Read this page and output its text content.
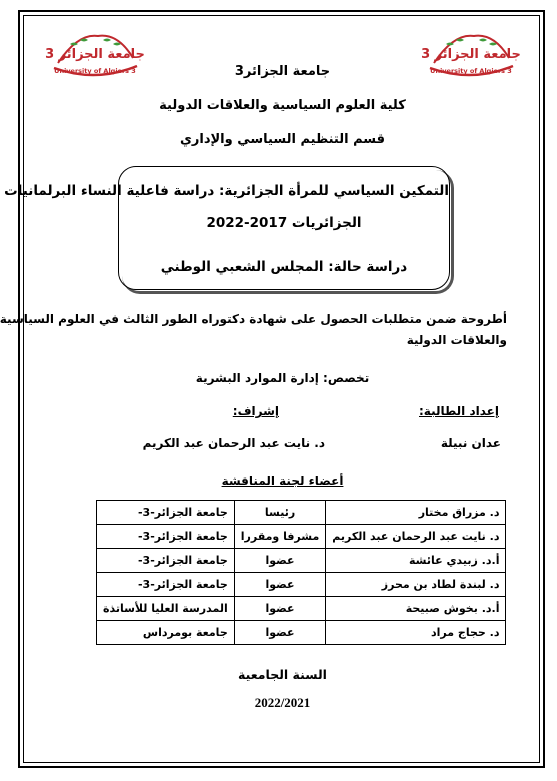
جامعة الجزائر 3
University of Algiers 3
جامعة الجزائر 3
University of Algiers 3
جامعة الجزائر3
كلية العلوم السياسية والعلاقات الدولية
قسم التنظيم السياسي والإداري
التمكين السياسي للمرأة الجزائرية: دراسة فاعلية النساء البرلمانيات
الجزائريات 2017-2022
دراسة حالة: المجلس الشعبي الوطني
أطروحة ضمن متطلبات الحصول على شهادة دكتوراه الطور الثالث في العلوم السياسية
والعلاقات الدولية
تخصص: إدارة الموارد البشرية
إعداد الطالبة:
إشراف:
عدان نبيلة
د. نايت عبد الرحمان عبد الكريم
أعضاء لجنة المناقشة
د. مزراق مختار	رئيسا	جامعة الجزائر-3-
د. نايت عبد الرحمان عبد الكريم	مشرفا ومقررا	جامعة الجزائر-3-
أ.د. زبيدي عائشة	عضوا	جامعة الجزائر-3-
د. لبندة لطاد بن محرز	عضوا	جامعة الجزائر-3-
أ.د. بخوش صبيحة	عضوا	المدرسة العليا للأساتذة
د. حجاج مراد	عضوا	جامعة بومرداس
السنة الجامعية
2022/2021
